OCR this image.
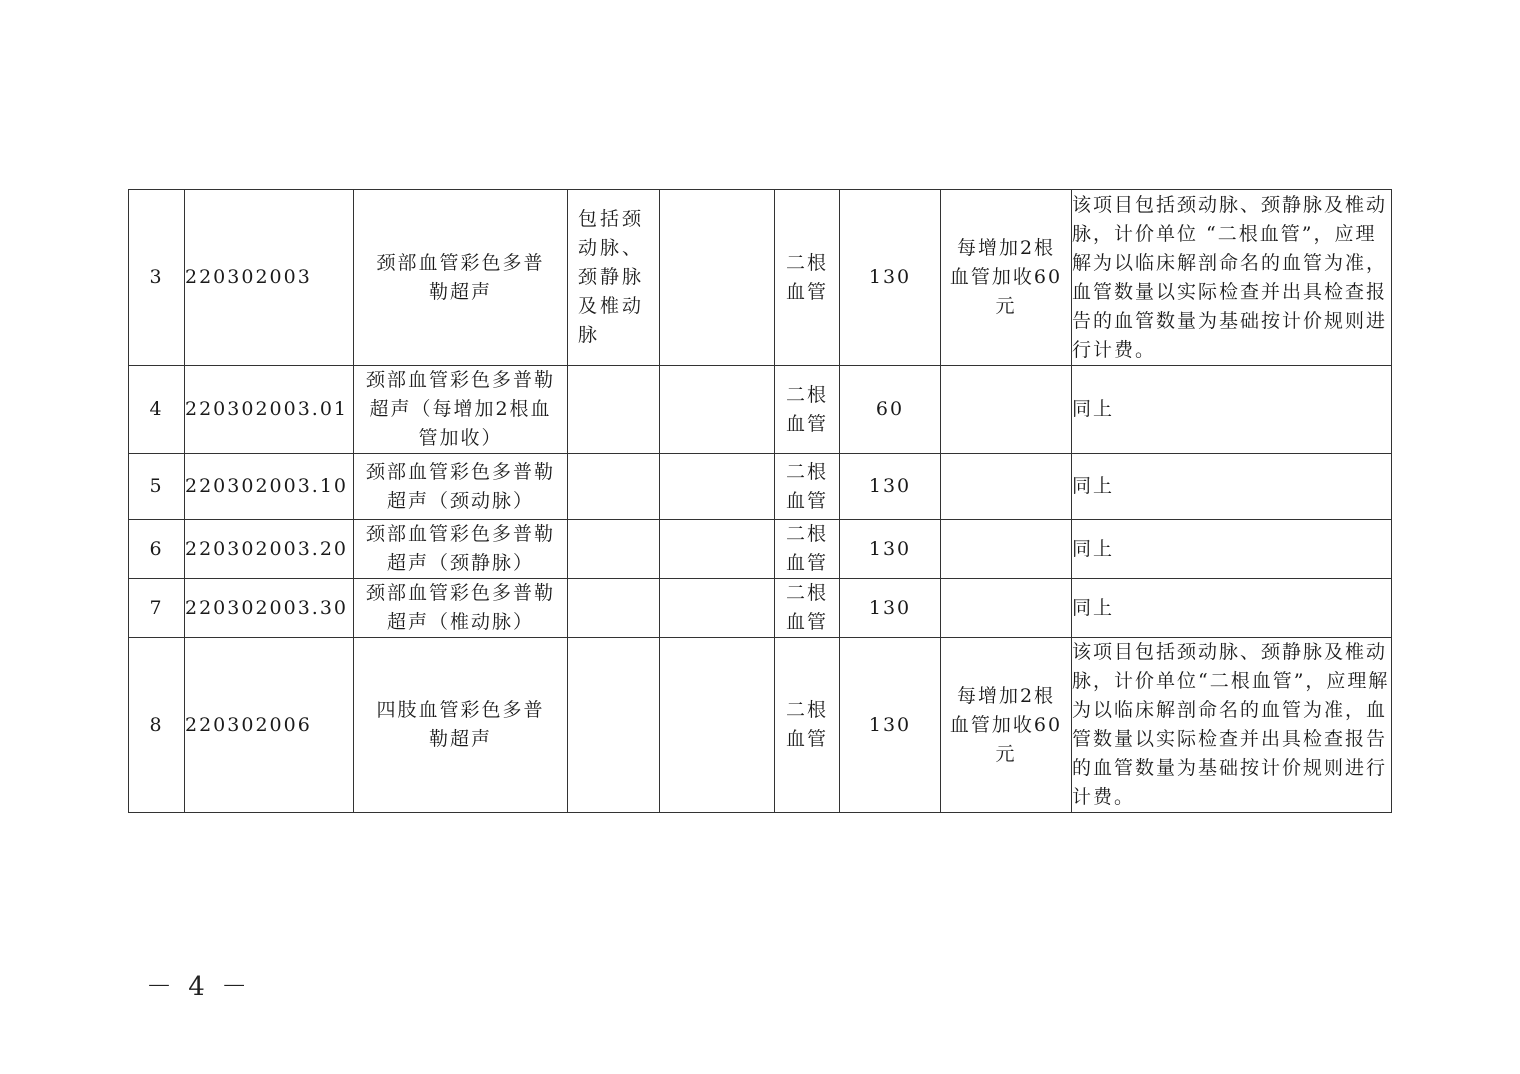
3	220302003	颈部血管彩色多普勒超声	包括颈动脉、颈静脉及椎动脉		二根血管	130	每增加2根血管加收60元	该项目包括颈动脉、颈静脉及椎动脉，计价单位 “二根血管”，应理解为以临床解剖命名的血管为准，血管数量以实际检查并出具检查报告的血管数量为基础按计价规则进行计费。
4	220302003.01	颈部血管彩色多普勒超声（每增加2根血管加收）			二根血管	60		同上
5	220302003.10	颈部血管彩色多普勒超声（颈动脉）			二根血管	130		同上
6	220302003.20	颈部血管彩色多普勒超声（颈静脉）			二根血管	130		同上
7	220302003.30	颈部血管彩色多普勒超声（椎动脉）			二根血管	130		同上
8	220302006	四肢血管彩色多普勒超声			二根血管	130	每增加2根血管加收60元	该项目包括颈动脉、颈静脉及椎动脉，计价单位“二根血管”，应理解为以临床解剖命名的血管为准，血管数量以实际检查并出具检查报告的血管数量为基础按计价规则进行计费。
－ 4 －
